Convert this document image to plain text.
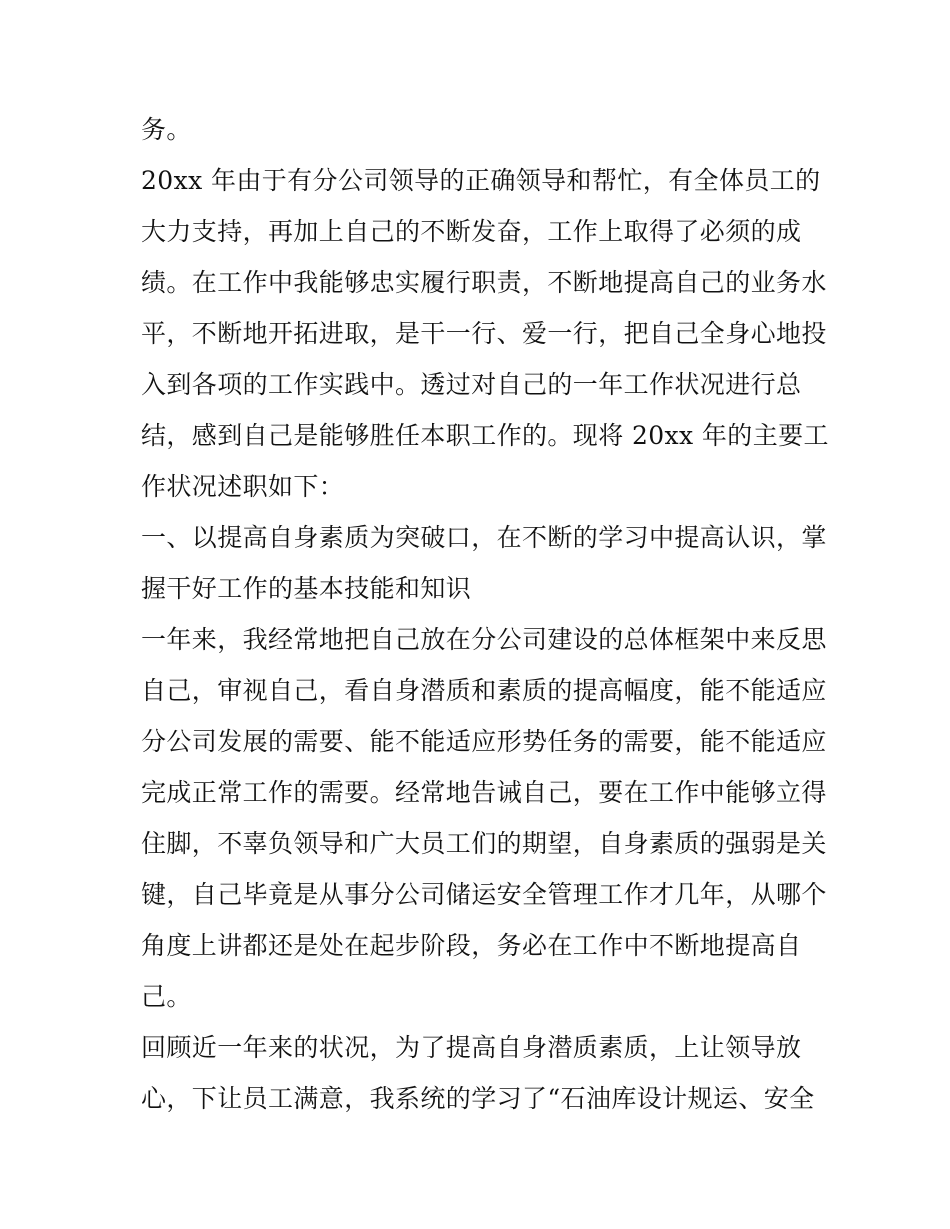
务。
20xx 年由于有分公司领导的正确领导和帮忙，有全体员工的
大力支持，再加上自己的不断发奋，工作上取得了必须的成
绩。在工作中我能够忠实履行职责，不断地提高自己的业务水
平，不断地开拓进取，是干一行、爱一行，把自己全身心地投
入到各项的工作实践中。透过对自己的一年工作状况进行总
结，感到自己是能够胜任本职工作的。现将 20xx 年的主要工
作状况述职如下：
一、以提高自身素质为突破口，在不断的学习中提高认识，掌
握干好工作的基本技能和知识
一年来，我经常地把自己放在分公司建设的总体框架中来反思
自己，审视自己，看自身潜质和素质的提高幅度，能不能适应
分公司发展的需要、能不能适应形势任务的需要，能不能适应
完成正常工作的需要。经常地告诫自己，要在工作中能够立得
住脚，不辜负领导和广大员工们的期望，自身素质的强弱是关
键，自己毕竟是从事分公司储运安全管理工作才几年，从哪个
角度上讲都还是处在起步阶段，务必在工作中不断地提高自
己。
回顾近一年来的状况，为了提高自身潜质素质，上让领导放
心，下让员工满意，我系统的学习了“石油库设计规运、安全
